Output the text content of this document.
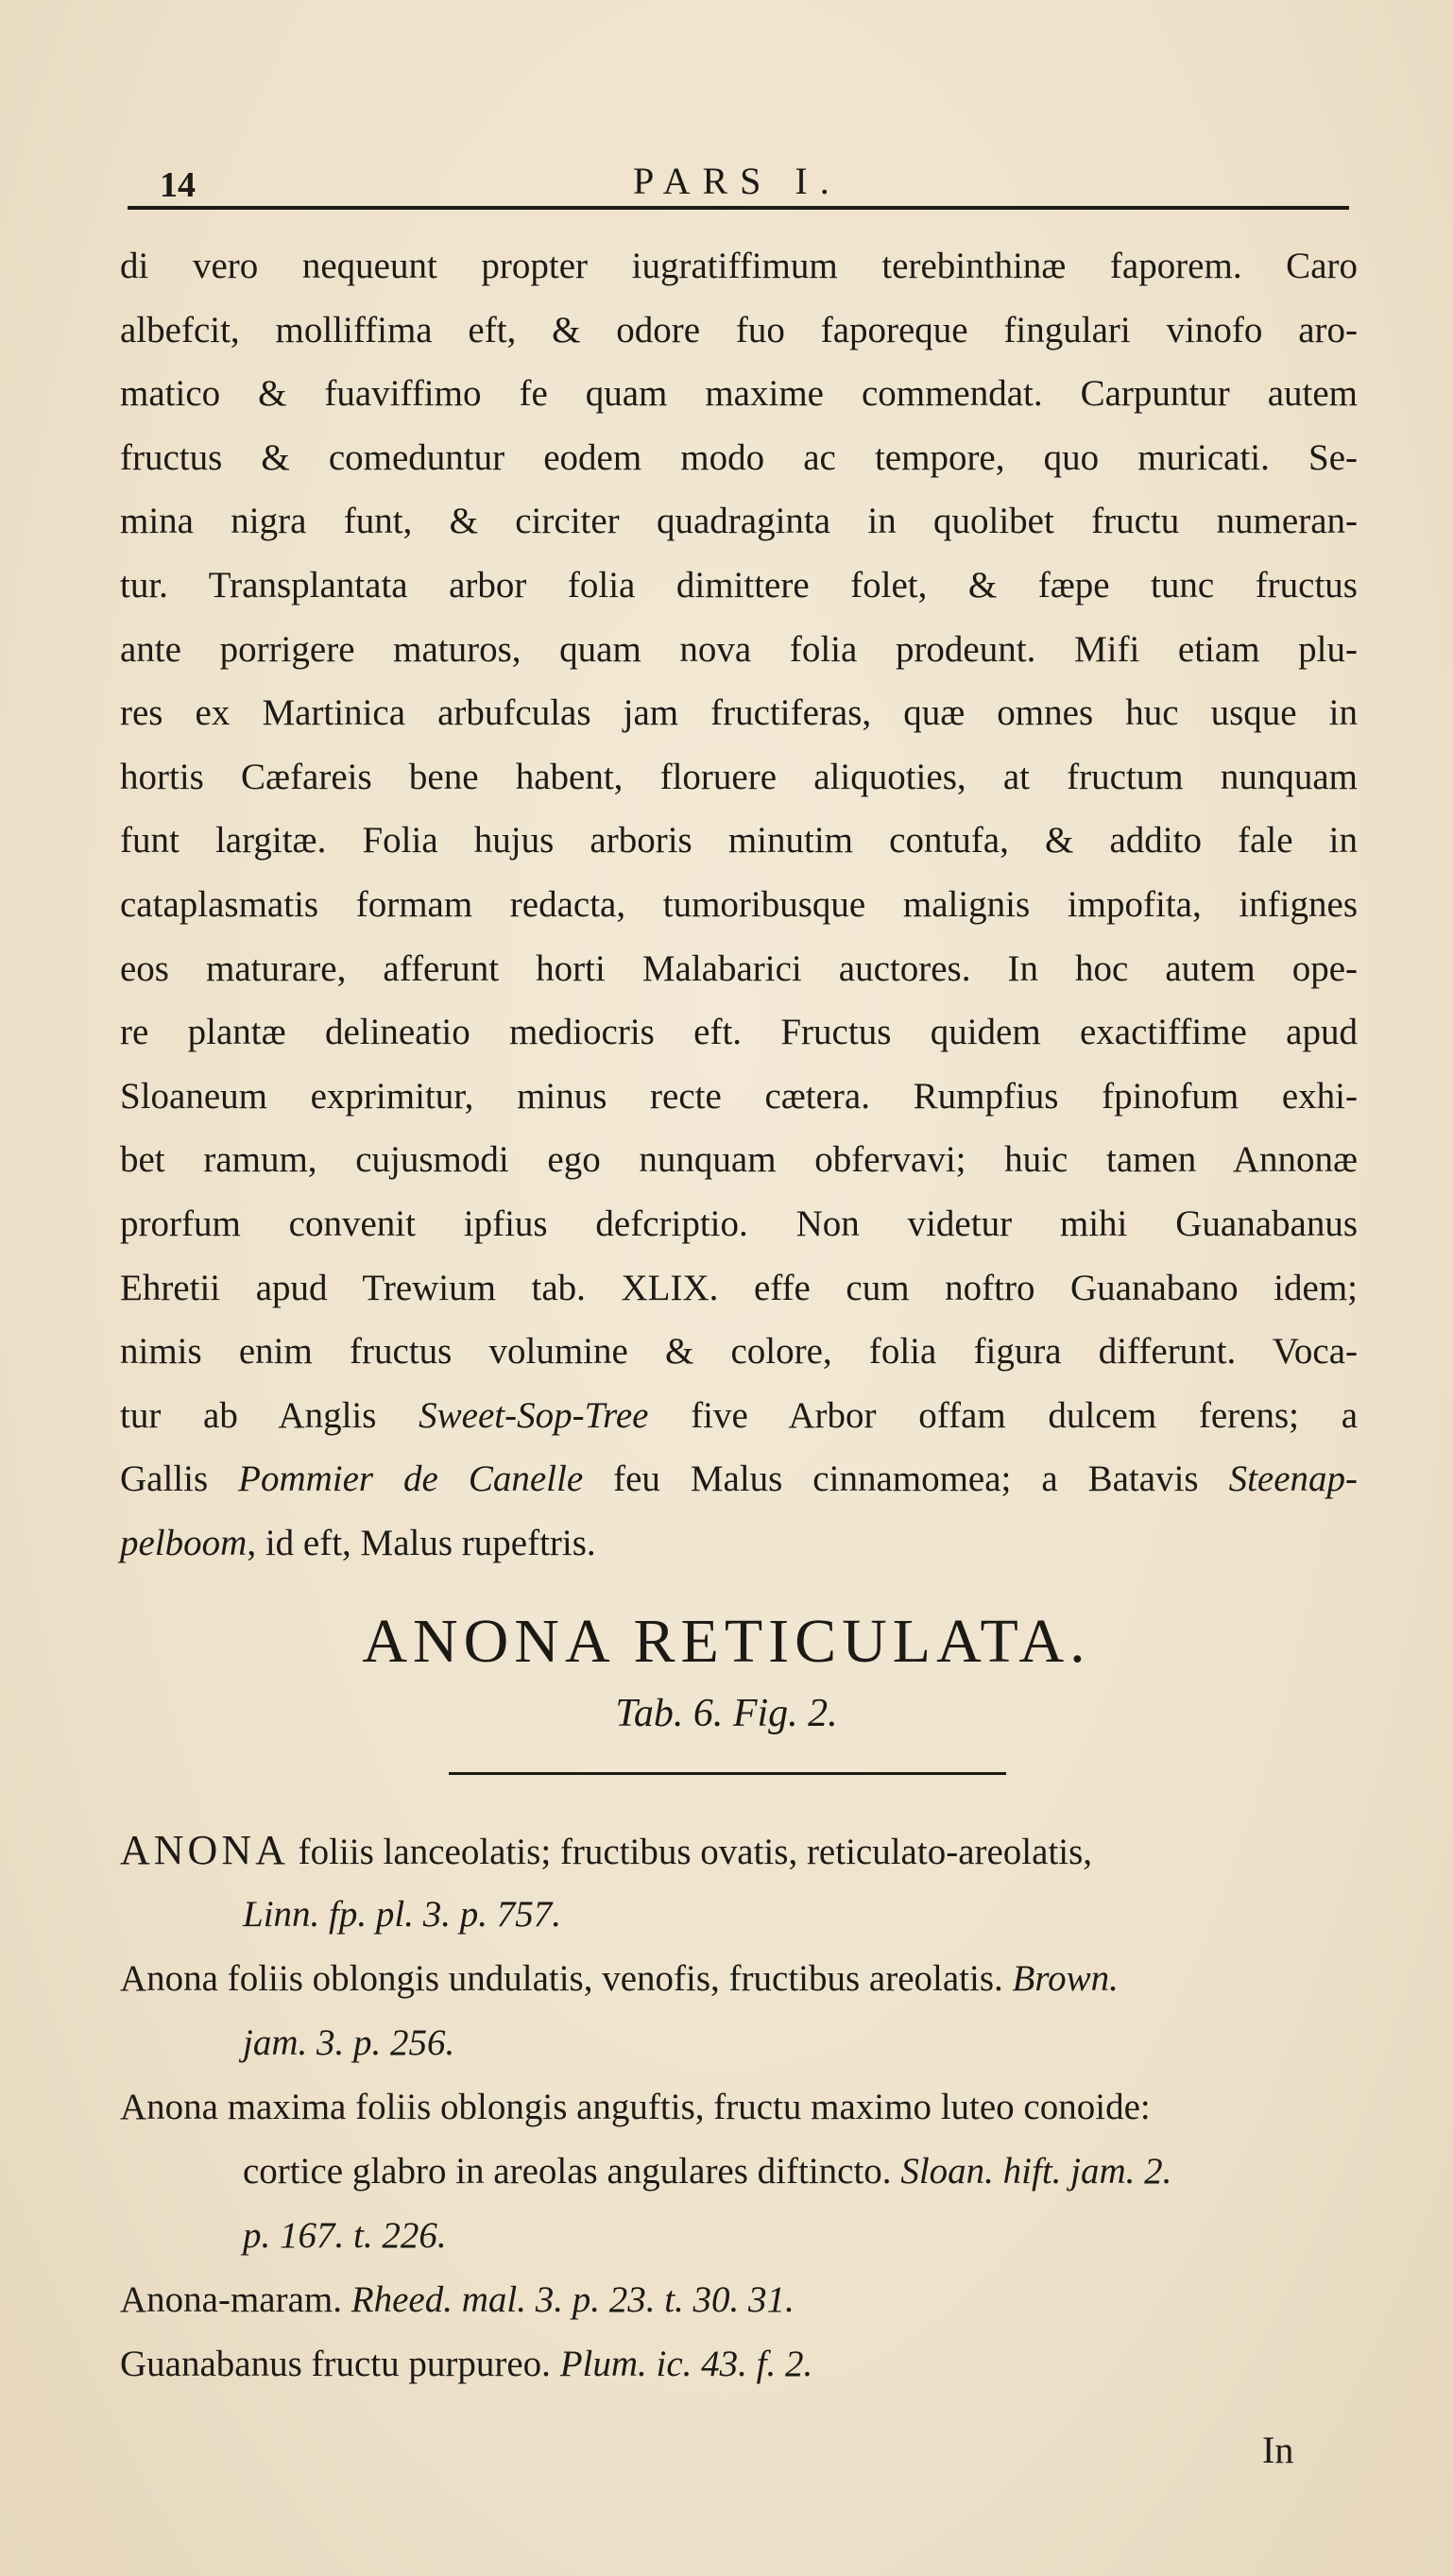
14	PARS I.
di vero nequeunt propter iugratiffimum terebinthinæ faporem. Caro
albefcit, molliffima eft, & odore fuo faporeque fingulari vinofo aro-
matico & fuaviffimo fe quam maxime commendat. Carpuntur autem
fructus & comeduntur eodem modo ac tempore, quo muricati. Se-
mina nigra funt, & circiter quadraginta in quolibet fructu numeran-
tur. Transplantata arbor folia dimittere folet, & fæpe tunc fructus
ante porrigere maturos, quam nova folia prodeunt. Mifi etiam plu-
res ex Martinica arbufculas jam fructiferas, quæ omnes huc usque in
hortis Cæfareis bene habent, floruere aliquoties, at fructum nunquam
funt largitæ. Folia hujus arboris minutim contufa, & addito fale in
cataplasmatis formam redacta, tumoribusque malignis impofita, infignes
eos maturare, afferunt horti Malabarici auctores. In hoc autem ope-
re plantæ delineatio mediocris eft. Fructus quidem exactiffime apud
Sloaneum exprimitur, minus recte cætera. Rumpfius fpinofum exhi-
bet ramum, cujusmodi ego nunquam obfervavi; huic tamen Annonæ
prorfum convenit ipfius defcriptio. Non videtur mihi Guanabanus
Ehretii apud Trewium tab. XLIX. effe cum noftro Guanabano idem;
nimis enim fructus volumine & colore, folia figura differunt. Voca-
tur ab Anglis Sweet-Sop-Tree five Arbor offam dulcem ferens; a
Gallis Pommier de Canelle feu Malus cinnamomea; a Batavis Steenap-
pelboom, id eft, Malus rupeftris.
ANONA RETICULATA.
Tab. 6. Fig. 2.
ANONA foliis lanceolatis; fructibus ovatis, reticulato-areolatis,
Linn. fp. pl. 3. p. 757.
Anona foliis oblongis undulatis, venofis, fructibus areolatis. Brown.
jam. 3. p. 256.
Anona maxima foliis oblongis anguftis, fructu maximo luteo conoide:
cortice glabro in areolas angulares diftincto. Sloan. hift. jam. 2.
p. 167. t. 226.
Anona-maram. Rheed. mal. 3. p. 23. t. 30. 31.
Guanabanus fructu purpureo. Plum. ic. 43. f. 2.
In
